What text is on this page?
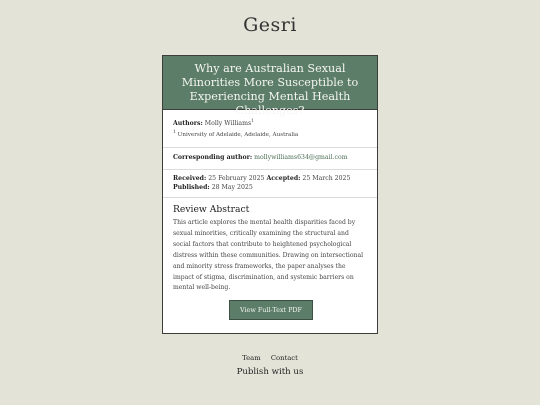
Gesri
Why are Australian Sexual Minorities More Susceptible to Experiencing Mental Health Challenges?
Authors: Molly Williams$^1$
$^1$ University of Adelaide, Adelaide, Australia
Corresponding author: mollywilliams634@gmail.com
Received: 25 February 2025 Accepted: 25 March 2025 Published: 28 May 2025
Review Abstract
This article explores the mental health disparities faced by sexual minorities, critically examining the structural and social factors that contribute to heightened psychological distress within these communities. Drawing on intersectional and minority stress frameworks, the paper analyses the impact of stigma, discrimination, and systemic barriers on mental well-being.
View Full-Text PDF
Team Contact
Publish with us
